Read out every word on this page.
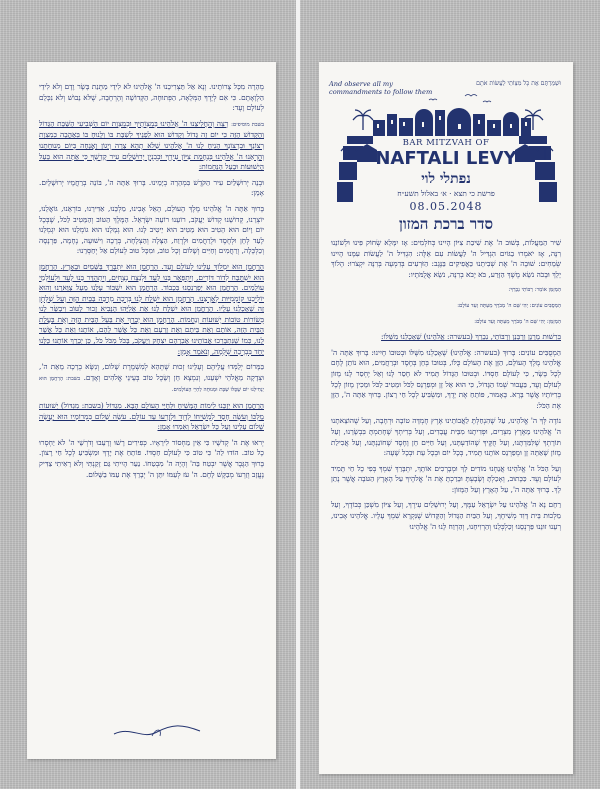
מְהֵרָה מִכָּל צָרוֹתֵינוּ. וְנָא אַל תַּצְרִיכֵנוּ ה' אֱלֹהֵינוּ לֹא לִידֵי מַתְּנַת בָּשָׂר וָדָם וְלֹא לִידֵי הַלְוָאָתָם. כִּי אִם לְיָדְךָ הַמְּלֵאָה, הַפְּתוּחָה, הַקְּדוֹשָׁה וְהָרְחָבָה, שֶׁלֹּא נֵבוֹשׁ וְלֹא נִכָּלֵם לְעוֹלָם וָעֶד:

בשבת מוסיפים: רְצֵה וְהַחֲלִיצֵנוּ ה' אֱלֹהֵינוּ בְּמִצְוֹתֶיךָ וּבְמִצְוַת יוֹם הַשְּׁבִיעִי הַשַּׁבָּת הַגָּדוֹל וְהַקָּדוֹשׁ הַזֶּה כִּי יוֹם זֶה גָּדוֹל וְקָדוֹשׁ הוּא לְפָנֶיךָ לִשְׁבָּת בּוֹ וְלָנוּחַ בּוֹ בְּאַהֲבָה כְּמִצְוַת רְצוֹנֶךָ וּבִרְצוֹנְךָ הָנִיחַ לָנוּ ה' אֱלֹהֵינוּ שֶׁלֹּא תְהֵא צָרָה וְיָגוֹן וַאֲנָחָה בְּיוֹם מְנוּחָתֵנוּ וְהַרְאֵנוּ ה' אֱלֹהֵינוּ בְּנֶחָמַת צִיּוֹן עִירֶךָ וּבְבִנְיַן יְרוּשָׁלַיִם עִיר קָדְשֶׁךָ כִּי אַתָּה הוּא בַּעַל הַיְשׁוּעוֹת וּבַעַל הַנֶּחָמוֹת:

וּבְנֵה יְרוּשָׁלַיִם עִיר הַקֹּדֶשׁ בִּמְהֵרָה בְיָמֵינוּ. בָּרוּךְ אַתָּה ה', בּוֹנֵה בְרַחֲמָיו יְרוּשָׁלָיִם. אָמֵן:

בָּרוּךְ אַתָּה ה' אֱלֹהֵינוּ מֶלֶךְ הָעוֹלָם, הָאֵל אָבִינוּ, מַלְכֵּנוּ, אַדִּירֵנוּ, בּוֹרְאֵנוּ, גּוֹאֲלֵנוּ, יוֹצְרֵנוּ, קְדוֹשֵׁנוּ קְדוֹשׁ יַעֲקֹב, רוֹעֵנוּ רוֹעֵה יִשְׂרָאֵל. הַמֶּלֶךְ הַטּוֹב וְהַמֵּטִיב לַכֹּל, שֶׁבְּכָל יוֹם וָיוֹם הוּא הֵטִיב הוּא מֵטִיב הוּא יֵיטִיב לָנוּ. הוּא גְמָלָנוּ הוּא גוֹמְלֵנוּ הוּא יִגְמְלֵנוּ לָעַד לְחֵן וּלְחֶסֶד וּלְרַחֲמִים וּלְרֶוַח, הַצָּלָה וְהַצְלָחָה, בְּרָכָה וִישׁוּעָה, נֶחָמָה, פַּרְנָסָה וְכַלְכָּלָה, וְרַחֲמִים וְחַיִּים וְשָׁלוֹם וְכָל טוֹב, וּמִכָּל טוּב לְעוֹלָם אַל יְחַסְּרֵנוּ:

הָרַחֲמָן הוּא יִמְלוֹךְ עָלֵינוּ לְעוֹלָם וָעֶד. הָרַחֲמָן הוּא יִתְבָּרַךְ בַּשָּׁמַיִם וּבָאָרֶץ. הָרַחֲמָן הוּא יִשְׁתַּבַּח לְדוֹר דּוֹרִים, וְיִתְפָּאַר בָּנוּ לָעַד וּלְנֵצַח נְצָחִים, וְיִתְהַדַּר בָּנוּ לָעַד וּלְעוֹלְמֵי עוֹלָמִים. הָרַחֲמָן הוּא יְפַרְנְסֵנוּ בְּכָבוֹד. הָרַחֲמָן הוּא יִשְׁבּוֹר עֻלֵּנוּ מֵעַל צַוָּארֵנוּ וְהוּא יוֹלִיכֵנוּ קוֹמְמִיּוּת לְאַרְצֵנוּ. הָרַחֲמָן הוּא יִשְׁלַח לָנוּ בְּרָכָה מְרֻבָּה בַּבַּיִת הַזֶּה וְעַל שֻׁלְחָן זֶה שֶׁאָכַלְנוּ עָלָיו. הָרַחֲמָן הוּא יִשְׁלַח לָנוּ אֶת אֵלִיָּהוּ הַנָּבִיא זָכוּר לַטּוֹב וִיבַשֶּׂר לָנוּ בְּשׂוֹרוֹת טוֹבוֹת יְשׁוּעוֹת וְנֶחָמוֹת. הָרַחֲמָן הוּא יְבָרֵךְ אֶת בַּעַל הַבַּיִת הַזֶּה וְאֶת בַּעֲלַת הַבַּיִת הַזֶּה, אוֹתָם וְאֶת בֵּיתָם וְאֶת זַרְעָם וְאֶת כָּל אֲשֶׁר לָהֶם, אוֹתָנוּ וְאֶת כָּל אֲשֶׁר לָנוּ, כְּמוֹ שֶׁנִּתְבָּרְכוּ אֲבוֹתֵינוּ אַבְרָהָם יִצְחָק וְיַעֲקֹב, בַּכֹּל מִכֹּל כֹּל, כֵּן יְבָרֵךְ אוֹתָנוּ כֻּלָּנוּ יַחַד בִּבְרָכָה שְׁלֵמָה, וְנֹאמַר אָמֵן:

בַּמָּרוֹם יְלַמְּדוּ עֲלֵיהֶם וְעָלֵינוּ זְכוּת שֶׁתְּהֵא לְמִשְׁמֶרֶת שָׁלוֹם, וְנִשָּׂא בְרָכָה מֵאֵת ה', וּצְדָקָה מֵאֱלֹהֵי יִשְׁעֵנוּ, וְנִמְצָא חֵן וְשֵׂכֶל טוֹב בְּעֵינֵי אֱלֹהִים וְאָדָם. בשבת: הָרַחֲמָן הוּא יַנְחִילֵנוּ יוֹם שֶׁכֻּלּוֹ שַׁבָּת וּמְנוּחָה לְחַיֵּי הָעוֹלָמִים.

הָרַחֲמָן הוּא יְזַכֵּנוּ לִימוֹת הַמָּשִׁיחַ וּלְחַיֵּי הָעוֹלָם הַבָּא. מִגְדּוֹל (בשבת: מִגְדּוֹל) יְשׁוּעוֹת מַלְכּוֹ וְעֹשֶׂה חֶסֶד לִמְשִׁיחוֹ לְדָוִד וּלְזַרְעוֹ עַד עוֹלָם. עֹשֶׂה שָׁלוֹם בִּמְרוֹמָיו הוּא יַעֲשֶׂה שָׁלוֹם עָלֵינוּ וְעַל כָּל יִשְׂרָאֵל וְאִמְרוּ אָמֵן:

יְראוּ אֶת ה' קְדֹשָׁיו כִּי אֵין מַחְסוֹר לִירֵאָיו. כְּפִירִים רָשׁוּ וְרָעֵבוּ וְדֹרְשֵׁי ה' לֹא יַחְסְרוּ כָל טוֹב. הוֹדוּ לַה' כִּי טוֹב כִּי לְעוֹלָם חַסְדּוֹ. פּוֹתֵחַ אֶת יָדֶךָ וּמַשְׂבִּיעַ לְכָל חַי רָצוֹן. בָּרוּךְ הַגֶּבֶר אֲשֶׁר יִבְטַח בַּה' וְהָיָה ה' מִבְטַחוֹ. נַעַר הָיִיתִי גַּם זָקַנְתִּי וְלֹא רָאִיתִי צַדִּיק נֶעֱזָב וְזַרְעוֹ מְבַקֶּשׁ לָחֶם. ה' עֹז לְעַמּוֹ יִתֵּן ה' יְבָרֵךְ אֶת עַמּוֹ בַשָּׁלוֹם.

And observe all my commandments to follow them
וּשְׁמַרְתֶּם אֶת כָּל מִצְוֹתַי לַעֲשׂוֹת אֹתָם
BAR MITZVAH OF
NAFTALI LEVY
נפתלי לוי
פרשת כי תצא · א׳ באלול תשע״ח
08.05.2048
סדר ברכת המזון

שִׁיר הַמַּעֲלוֹת, בְּשׁוּב ה' אֶת שִׁיבַת צִיּוֹן הָיִינוּ כְּחֹלְמִים: אָז יִמָּלֵא שְׂחוֹק פִּינוּ וּלְשׁוֹנֵנוּ רִנָּה, אָז יֹאמְרוּ בַגּוֹיִם הִגְדִּיל ה' לַעֲשׂוֹת עִם אֵלֶּה: הִגְדִּיל ה' לַעֲשׂוֹת עִמָּנוּ הָיִינוּ שְׂמֵחִים: שׁוּבָה ה' אֶת שְׁבִיתֵנוּ כַּאֲפִיקִים בַּנֶּגֶב: הַזֹּרְעִים בְּדִמְעָה בְּרִנָּה יִקְצֹרוּ: הָלוֹךְ יֵלֵךְ וּבָכֹה נֹשֵׂא מֶשֶׁךְ הַזָּרַע, בֹּא יָבֹא בְרִנָּה, נֹשֵׂא אֲלֻמֹּתָיו:

הַמְזַמֵּן אוֹמֵר: רַבּוֹתַי נְבָרֵךְ:

הַמְסֻבִּים עוֹנִים: יְהִי שֵׁם ה' מְבֹרָךְ מֵעַתָּה וְעַד עוֹלָם:

הַמְזַמֵּן: יְהִי שֵׁם ה' מְבֹרָךְ מֵעַתָּה וְעַד עוֹלָם:

בִּרְשׁוּת מָרָנָן וְרַבָּנָן וְרַבּוֹתַי, נְבָרֵךְ (בעשרה: אֱלֹהֵינוּ) שֶׁאָכַלְנוּ מִשֶּׁלּוֹ:

הַמְסֻבִּים עוֹנִים: בָּרוּךְ (בעשרה: אֱלֹהֵינוּ) שֶׁאָכַלְנוּ מִשֶּׁלּוֹ וּבְטוּבוֹ חָיִינוּ: בָּרוּךְ אַתָּה ה' אֱלֹהֵינוּ מֶלֶךְ הָעוֹלָם, הַזָּן אֶת הָעוֹלָם כֻּלּוֹ, בְּטוּבוֹ בְּחֵן בְּחֶסֶד וּבְרַחֲמִים, הוּא נוֹתֵן לֶחֶם לְכָל בָּשָׂר, כִּי לְעוֹלָם חַסְדּוֹ. וּבְטוּבוֹ הַגָּדוֹל תָּמִיד לֹא חָסַר לָנוּ וְאַל יֶחְסַר לָנוּ מָזוֹן לְעוֹלָם וָעֶד, בַּעֲבוּר שְׁמוֹ הַגָּדוֹל, כִּי הוּא אֵל זָן וּמְפַרְנֵס לַכֹּל וּמֵטִיב לַכֹּל וּמֵכִין מָזוֹן לְכָל בְּרִיּוֹתָיו אֲשֶׁר בָּרָא. כָּאָמוּר, פּוֹתֵחַ אֶת יָדֶךָ, וּמַשְׂבִּיעַ לְכָל חַי רָצוֹן. בָּרוּךְ אַתָּה ה', הַזָּן אֶת הַכֹּל:

נוֹדֶה לְּךָ ה' אֱלֹהֵינוּ, עַל שֶׁהִנְחַלְתָּ לַאֲבוֹתֵינוּ אֶרֶץ חֶמְדָּה טוֹבָה וּרְחָבָה, וְעַל שֶׁהוֹצֵאתָנוּ ה' אֱלֹהֵינוּ מֵאֶרֶץ מִצְרַיִם, וּפְדִיתָנוּ מִבֵּית עֲבָדִים, וְעַל בְּרִיתְךָ שֶׁחָתַמְתָּ בִּבְשָׂרֵנוּ, וְעַל תּוֹרָתְךָ שֶׁלִּמַּדְתָּנוּ, וְעַל חֻקֶּיךָ שֶׁהוֹדַעְתָּנוּ, וְעַל חַיִּים חֵן וָחֶסֶד שֶׁחוֹנַנְתָּנוּ, וְעַל אֲכִילַת מָזוֹן שָׁאַתָּה זָן וּמְפַרְנֵס אוֹתָנוּ תָּמִיד, בְּכָל יוֹם וּבְכָל עֵת וּבְכָל שָׁעָה:

וְעַל הַכֹּל ה' אֱלֹהֵינוּ אֲנַחְנוּ מוֹדִים לָךְ וּמְבָרְכִים אוֹתָךְ, יִתְבָּרַךְ שִׁמְךָ בְּפִי כָל חַי תָּמִיד לְעוֹלָם וָעֶד. כַּכָּתוּב, וְאָכַלְתָּ וְשָׂבָעְתָּ וּבֵרַכְתָּ אֶת ה' אֱלֹהֶיךָ עַל הָאָרֶץ הַטֹּבָה אֲשֶׁר נָתַן לָךְ. בָּרוּךְ אַתָּה ה', עַל הָאָרֶץ וְעַל הַמָּזוֹן:

רַחֵם נָא ה' אֱלֹהֵינוּ עַל יִשְׂרָאֵל עַמֶּךָ, וְעַל יְרוּשָׁלַיִם עִירֶךָ, וְעַל צִיּוֹן מִשְׁכַּן כְּבוֹדֶךָ, וְעַל מַלְכוּת בֵּית דָּוִד מְשִׁיחֶךָ, וְעַל הַבַּיִת הַגָּדוֹל וְהַקָּדוֹשׁ שֶׁנִּקְרָא שִׁמְךָ עָלָיו. אֱלֹהֵינוּ אָבִינוּ, רְעֵנוּ זוּנֵנוּ פַּרְנְסֵנוּ וְכַלְכְּלֵנוּ וְהַרְוִיחֵנוּ, וְהַרְוַח לָנוּ ה' אֱלֹהֵינוּ
